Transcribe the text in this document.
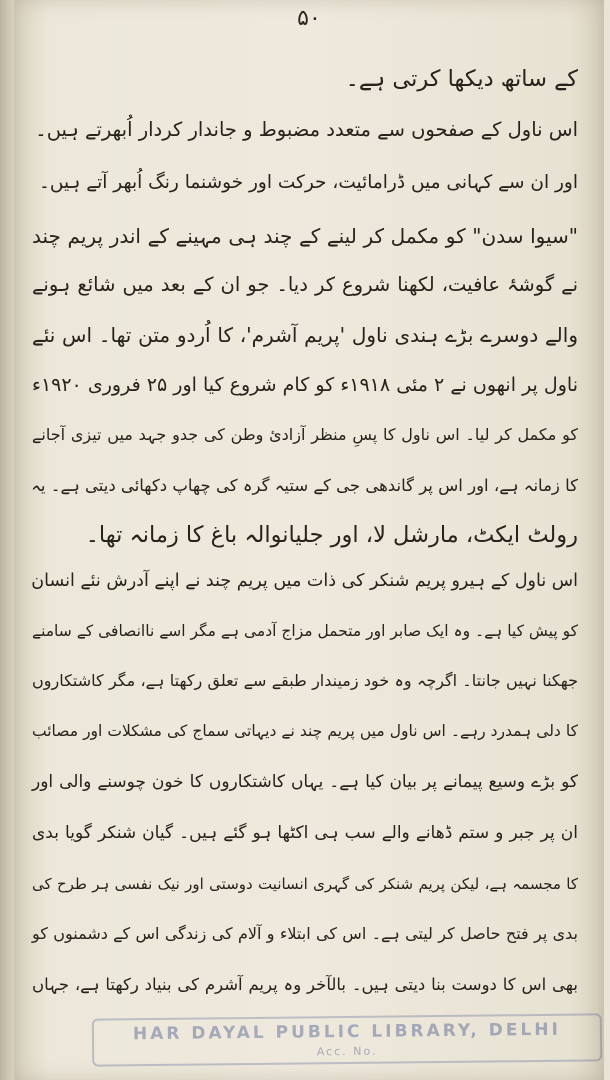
۵۰
کے ساتھ دیکھا کرتی ہے۔
اس ناول کے صفحوں سے متعدد مضبوط و جاندار کردار اُبھرتے ہیں۔
اور ان سے کہانی میں ڈرامائیت، حرکت اور خوشنما رنگ اُبھر آتے ہیں۔
"سیوا سدن" کو مکمل کر لینے کے چند ہی مہینے کے اندر پریم چند
نے گوشۂ عافیت، لکھنا شروع کر دیا۔ جو ان کے بعد میں شائع ہونے
والے دوسرے بڑے ہندی ناول 'پریم آشرم'، کا اُردو متن تھا۔ اس نئے
ناول پر انھوں نے ۲ مئی ۱۹۱۸ء کو کام شروع کیا اور ۲۵ فروری ۱۹۲۰ء
کو مکمل کر لیا۔ اس ناول کا پسِ منظر آزادیٔ وطن کی جدو جہد میں تیزی آجانے
کا زمانہ ہے، اور اس پر گاندھی جی کے ستیہ گرہ کی چھاپ دکھائی دیتی ہے۔ یہ
رولٹ ایکٹ، مارشل لا، اور جلیانوالہ باغ کا زمانہ تھا۔
اس ناول کے ہیرو پریم شنکر کی ذات میں پریم چند نے اپنے آدرش نئے انسان
کو پیش کیا ہے۔ وہ ایک صابر اور متحمل مزاج آدمی ہے مگر اسے ناانصافی کے سامنے
جھکنا نہیں جانتا۔ اگرچہ وہ خود زمیندار طبقے سے تعلق رکھتا ہے، مگر کاشتکاروں
کا دلی ہمدرد رہے۔ اس ناول میں پریم چند نے دیہاتی سماج کی مشکلات اور مصائب
کو بڑے وسیع پیمانے پر بیان کیا ہے۔ یہاں کاشتکاروں کا خون چوسنے والی اور
ان پر جبر و ستم ڈھانے والے سب ہی اکٹھا ہو گئے ہیں۔ گیان شنکر گویا بدی
کا مجسمہ ہے، لیکن پریم شنکر کی گہری انسانیت دوستی اور نیک نفسی ہر طرح کی
بدی پر فتح حاصل کر لیتی ہے۔ اس کی ابتلاء و آلام کی زندگی اس کے دشمنوں کو
بھی اس کا دوست بنا دیتی ہیں۔ بالآخر وہ پریم آشرم کی بنیاد رکھتا ہے، جہاں
HAR DAYAL PUBLIC LIBRARY, DELHI
Acc. No.
